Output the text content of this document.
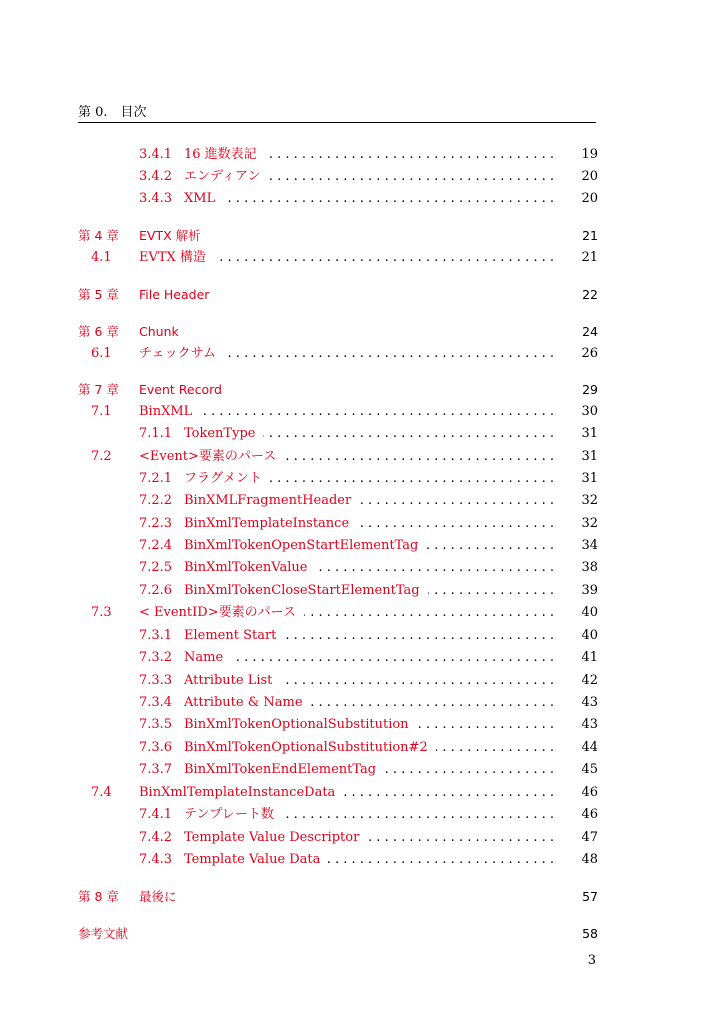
第 0.　目次
3.4.1 16 進数表記 . . .	19
3.4.2 エンディアン . . .	20
3.4.3 XML . . .	20
第 4 章 EVTX 解析	21
4.1 EVTX 構造 . . .	21
第 5 章 File Header	22
第 6 章 Chunk	24
6.1 チェックサム . . .	26
第 7 章 Event Record	29
7.1 BinXML . . .	30
7.1.1 TokenType . . .	31
7.2 <Event>要素のパース . . .	31
7.2.1 フラグメント . . .	31
7.2.2 BinXMLFragmentHeader . . .	32
7.2.3 BinXmlTemplateInstance . . .	32
7.2.4 BinXmlTokenOpenStartElementTag . . .	34
7.2.5 BinXmlTokenValue . . .	38
7.2.6 BinXmlTokenCloseStartElementTag . . .	39
7.3 < EventID>要素のパース . . .	40
7.3.1 Element Start . . .	40
7.3.2 Name . . .	41
7.3.3 Attribute List . . .	42
7.3.4 Attribute & Name . . .	43
7.3.5 BinXmlTokenOptionalSubstitution . . .	43
7.3.6 BinXmlTokenOptionalSubstitution#2 . . .	44
7.3.7 BinXmlTokenEndElementTag . . .	45
7.4 BinXmlTemplateInstanceData . . .	46
7.4.1 テンプレート数 . . .	46
7.4.2 Template Value Descriptor . . .	47
7.4.3 Template Value Data . . .	48
第 8 章 最後に	57
参考文献	58
3
